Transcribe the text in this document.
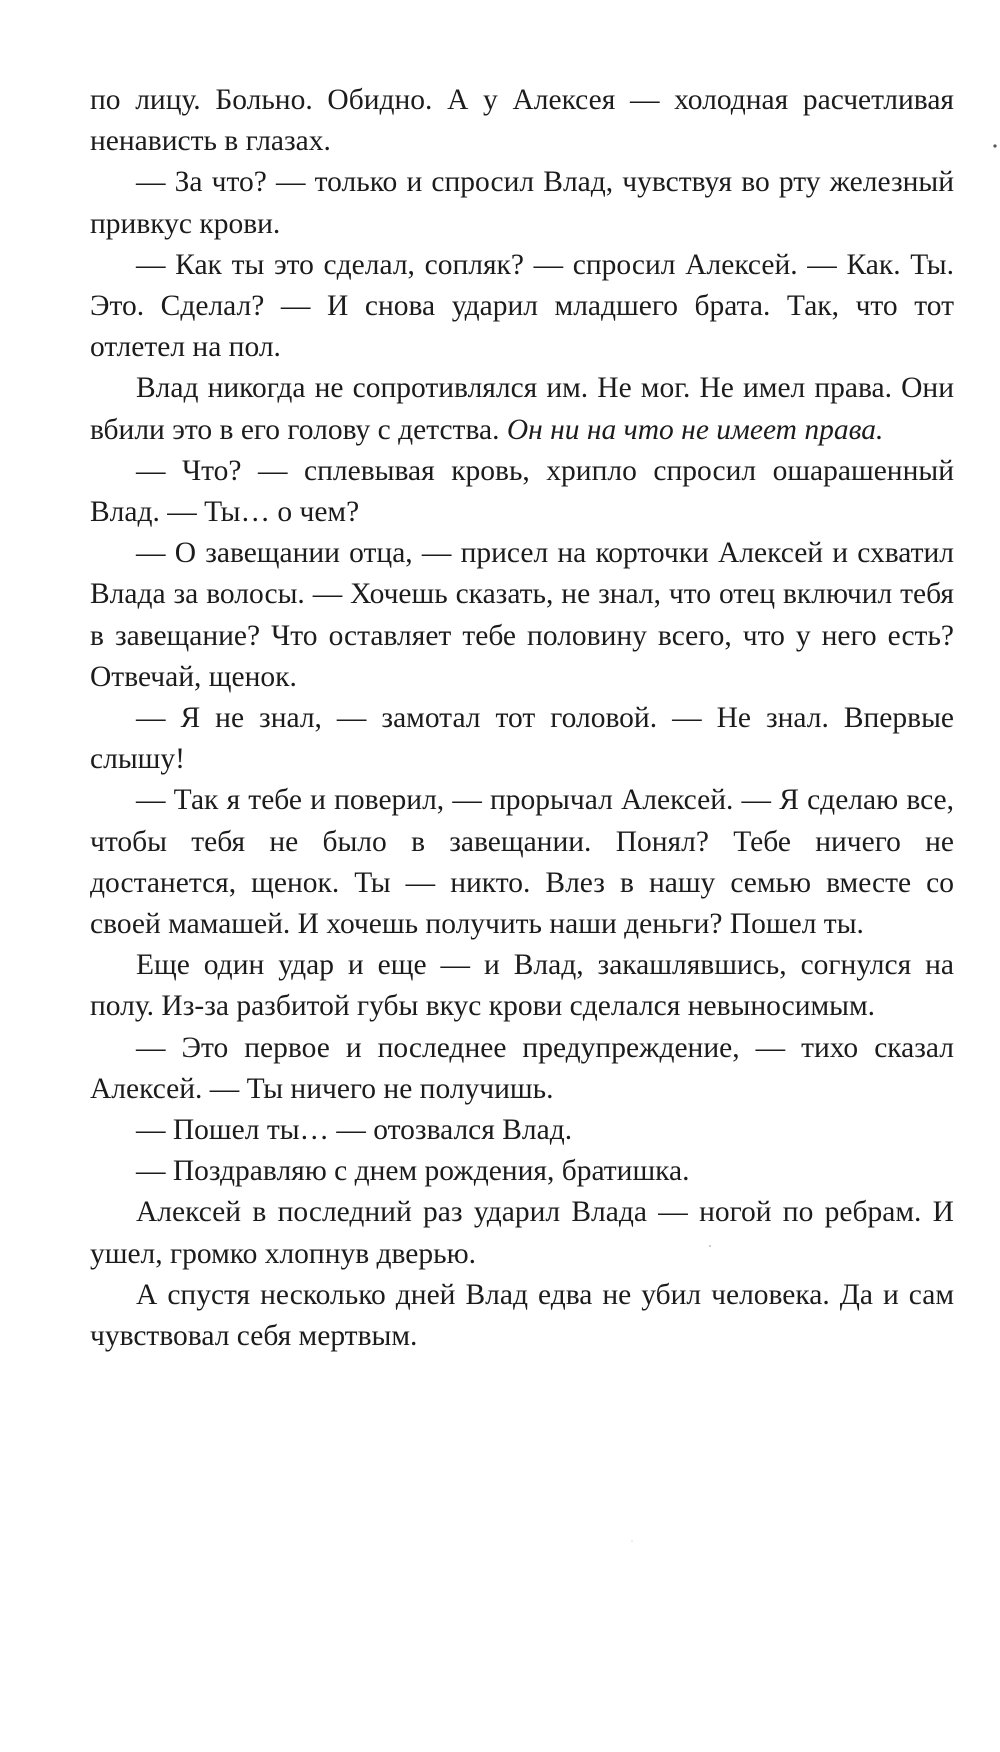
по лицу. Больно. Обидно. А у Алексея — холодная расчетливая ненависть в глазах.

— За что? — только и спросил Влад, чувствуя во рту железный привкус крови.

— Как ты это сделал, сопляк? — спросил Алексей. — Как. Ты. Это. Сделал? — И снова ударил младшего брата. Так, что тот отлетел на пол.

Влад никогда не сопротивлялся им. Не мог. Не имел права. Они вбили это в его голову с детства. Он ни на что не имеет права.

— Что? — сплевывая кровь, хрипло спросил ошарашенный Влад. — Ты… о чем?

— О завещании отца, — присел на корточки Алексей и схватил Влада за волосы. — Хочешь сказать, не знал, что отец включил тебя в завещание? Что оставляет тебе половину всего, что у него есть? Отвечай, щенок.

— Я не знал, — замотал тот головой. — Не знал. Впервые слышу!

— Так я тебе и поверил, — прорычал Алексей. — Я сделаю все, чтобы тебя не было в завещании. Понял? Тебе ничего не достанется, щенок. Ты — никто. Влез в нашу семью вместе со своей мамашей. И хочешь получить наши деньги? Пошел ты.

Еще один удар и еще — и Влад, закашлявшись, согнулся на полу. Из-за разбитой губы вкус крови сделался невыносимым.

— Это первое и последнее предупреждение, — тихо сказал Алексей. — Ты ничего не получишь.

— Пошел ты… — отозвался Влад.

— Поздравляю с днем рождения, братишка.

Алексей в последний раз ударил Влада — ногой по ребрам. И ушел, громко хлопнув дверью.

А спустя несколько дней Влад едва не убил человека. Да и сам чувствовал себя мертвым.
